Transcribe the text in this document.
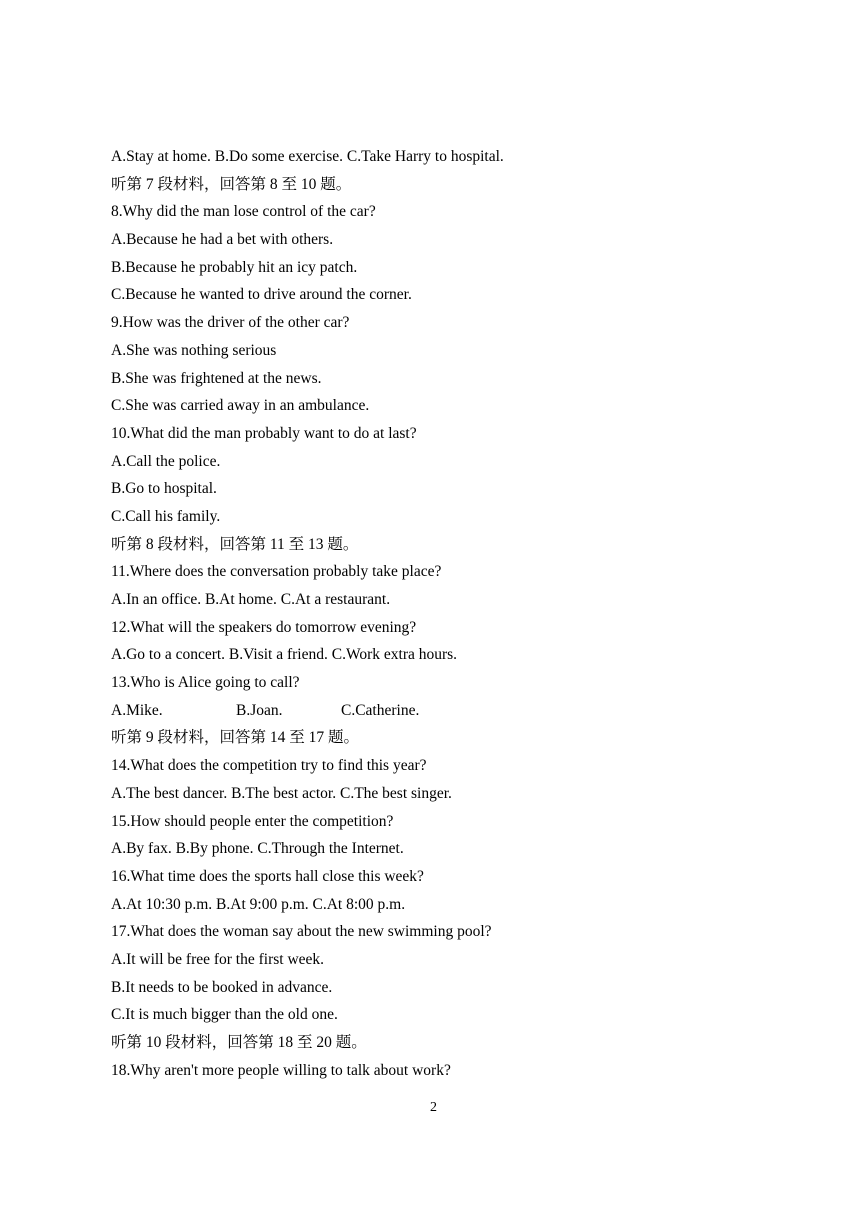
A.Stay at home. B.Do some exercise. C.Take Harry to hospital.
听第 7 段材料，回答第 8 至 10 题。
8.Why did the man lose control of the car?
A.Because he had a bet with others.
B.Because he probably hit an icy patch.
C.Because he wanted to drive around the corner.
9.How was the driver of the other car?
A.She was nothing serious
B.She was frightened at the news.
C.She was carried away in an ambulance.
10.What did the man probably want to do at last?
A.Call the police.
B.Go to hospital.
C.Call his family.
听第 8 段材料，回答第 11 至 13 题。
11.Where does the conversation probably take place?
A.In an office. B.At home. C.At a restaurant.
12.What will the speakers do tomorrow evening?
A.Go to a concert. B.Visit a friend. C.Work extra hours.
13.Who is Alice going to call?
A.Mike.	B.Joan.	C.Catherine.
听第 9 段材料，回答第 14 至 17 题。
14.What does the competition try to find this year?
A.The best dancer. B.The best actor. C.The best singer.
15.How should people enter the competition?
A.By fax. B.By phone. C.Through the Internet.
16.What time does the sports hall close this week?
A.At 10:30 p.m. B.At 9:00 p.m. C.At 8:00 p.m.
17.What does the woman say about the new swimming pool?
A.It will be free for the first week.
B.It needs to be booked in advance.
C.It is much bigger than the old one.
听第 10 段材料，回答第 18 至 20 题。
18.Why aren't more people willing to talk about work?
2
